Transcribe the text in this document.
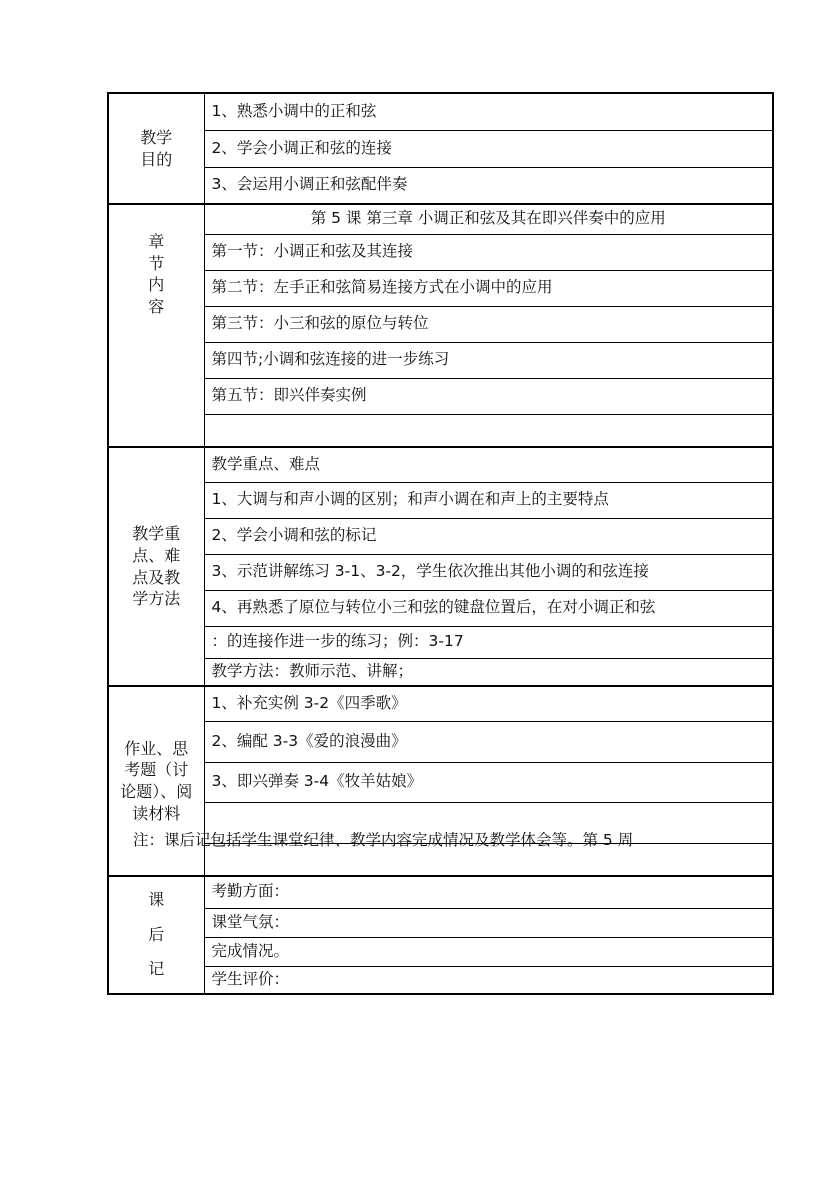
教学
目的	1、熟悉小调中的正和弦
	2、学会小调正和弦的连接
	3、会运用小调正和弦配伴奏

章
节
内
容	第 5 课 第三章 小调正和弦及其在即兴伴奏中的应用
	第一节：小调正和弦及其连接
	第二节：左手正和弦简易连接方式在小调中的应用
	第三节：小三和弦的原位与转位
	第四节;小调和弦连接的进一步练习
	第五节：即兴伴奏实例

教学重
点、难
点及教
学方法	教学重点、难点
	1、大调与和声小调的区别；和声小调在和声上的主要特点
	2、学会小调和弦的标记
	3、示范讲解练习 3-1、3-2，学生依次推出其他小调的和弦连接
	4、再熟悉了原位与转位小三和弦的键盘位置后，在对小调正和弦
	：的连接作进一步的练习；例：3-17
	教学方法：教师示范、讲解；

作业、思
考题（讨
论题）、阅
读材料	1、补充实例 3-2《四季歌》
	2、编配 3-3《爱的浪漫曲》
	3、即兴弹奏 3-4《牧羊姑娘》

课
后
记	考勤方面：
	课堂气氛：
	完成情况。
	学生评价：
注：课后记包括学生课堂纪律、教学内容完成情况及教学体会等。第 5 周
